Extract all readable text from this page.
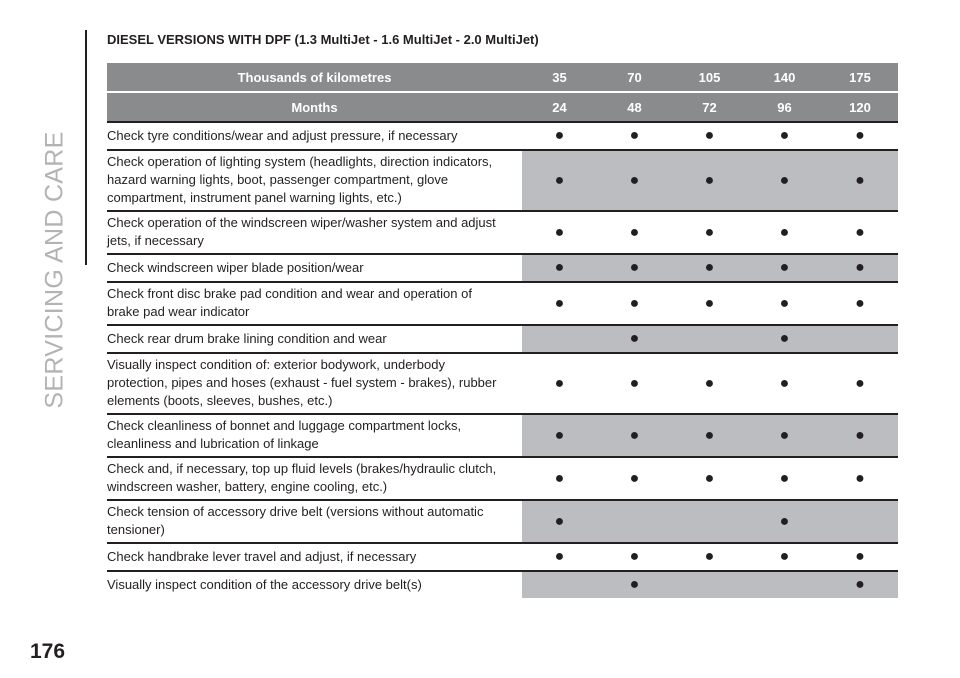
SERVICING AND CARE
DIESEL VERSIONS WITH DPF (1.3 MultiJet - 1.6 MultiJet - 2.0 MultiJet)
Thousands of kilometres	35	70	105	140	175
Months	24	48	72	96	120
Check tyre conditions/wear and adjust pressure, if necessary	●	●	●	●	●
Check operation of lighting system (headlights, direction indicators, hazard warning lights, boot, passenger compartment, glove compartment, instrument panel warning lights, etc.)	●	●	●	●	●
Check operation of the windscreen wiper/washer system and adjust jets, if necessary	●	●	●	●	●
Check windscreen wiper blade position/wear	●	●	●	●	●
Check front disc brake pad condition and wear and operation of brake pad wear indicator	●	●	●	●	●
Check rear drum brake lining condition and wear		●		●	
Visually inspect condition of: exterior bodywork, underbody protection, pipes and hoses (exhaust - fuel system - brakes), rubber elements (boots, sleeves, bushes, etc.)	●	●	●	●	●
Check cleanliness of bonnet and luggage compartment locks, cleanliness and lubrication of linkage	●	●	●	●	●
Check and, if necessary, top up fluid levels (brakes/hydraulic clutch, windscreen washer, battery, engine cooling, etc.)	●	●	●	●	●
Check tension of accessory drive belt (versions without automatic tensioner)	●			●	
Check handbrake lever travel and adjust, if necessary	●	●	●	●	●
Visually inspect condition of the accessory drive belt(s)		●			●
176
